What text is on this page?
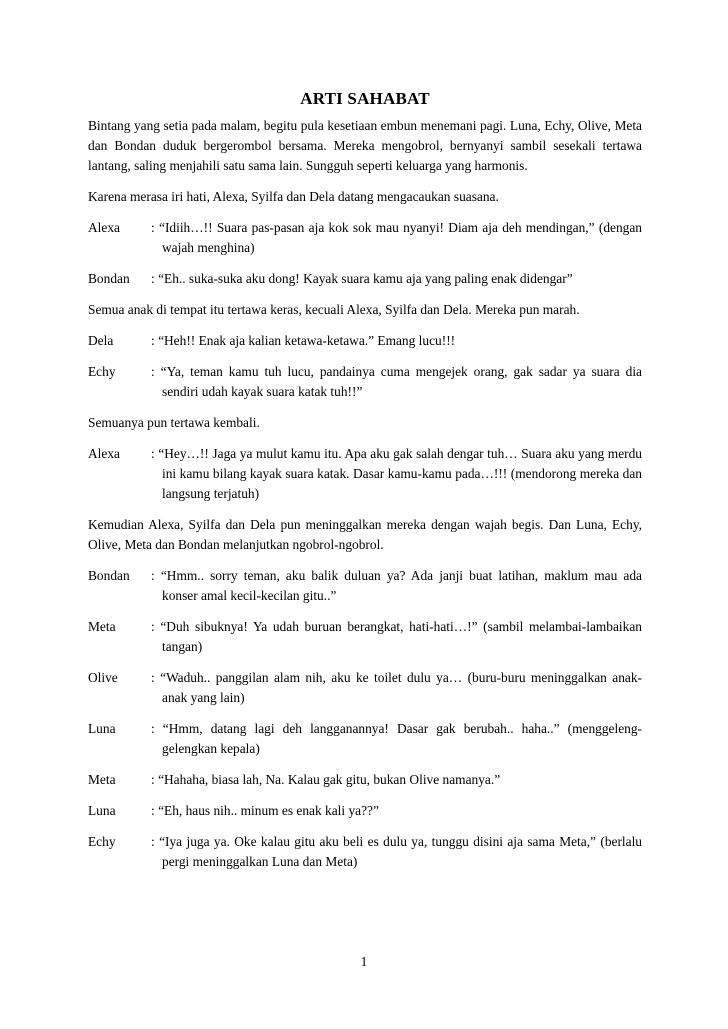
ARTI SAHABAT

Bintang yang setia pada malam, begitu pula kesetiaan embun menemani pagi. Luna, Echy, Olive, Meta dan Bondan duduk bergerombol bersama. Mereka mengobrol, bernyanyi sambil sesekali tertawa lantang, saling menjahili satu sama lain. Sungguh seperti keluarga yang harmonis.

Karena merasa iri hati, Alexa, Syilfa dan Dela datang mengacaukan suasana.

Alexa : “Idiih…!! Suara pas-pasan aja kok sok mau nyanyi! Diam aja deh mendingan,” (dengan wajah menghina)
Bondan : “Eh.. suka-suka aku dong! Kayak suara kamu aja yang paling enak didengar”

Semua anak di tempat itu tertawa keras, kecuali Alexa, Syilfa dan Dela. Mereka pun marah.

Dela	: “Heh!! Enak aja kalian ketawa-ketawa.” Emang lucu!!!
Echy	: “Ya, teman kamu tuh lucu, pandainya cuma mengejek orang, gak sadar ya suara dia sendiri udah kayak suara katak tuh!!”

Semuanya pun tertawa kembali.

Alexa : “Hey…!! Jaga ya mulut kamu itu. Apa aku gak salah dengar tuh… Suara aku yang merdu ini kamu bilang kayak suara katak. Dasar kamu-kamu pada…!!! (mendorong mereka dan langsung terjatuh)

Kemudian Alexa, Syilfa dan Dela pun meninggalkan mereka dengan wajah begis. Dan Luna, Echy, Olive, Meta dan Bondan melanjutkan ngobrol-ngobrol.

Bondan : “Hmm.. sorry teman, aku balik duluan ya? Ada janji buat latihan, maklum mau ada konser amal kecil-kecilan gitu..”
Meta	: “Duh sibuknya! Ya udah buruan berangkat, hati-hati…!” (sambil melambai-lambaikan tangan)
Olive : “Waduh.. panggilan alam nih, aku ke toilet dulu ya… (buru-buru meninggalkan anak-anak yang lain)
Luna	: “Hmm, datang lagi deh langganannya! Dasar gak berubah.. haha..” (menggeleng-gelengkan kepala)
Meta	: “Hahaha, biasa lah, Na. Kalau gak gitu, bukan Olive namanya.”
Luna	: “Eh, haus nih.. minum es enak kali ya??”
Echy	: “Iya juga ya. Oke kalau gitu aku beli es dulu ya, tunggu disini aja sama Meta,” (berlalu pergi meninggalkan Luna dan Meta)
1
